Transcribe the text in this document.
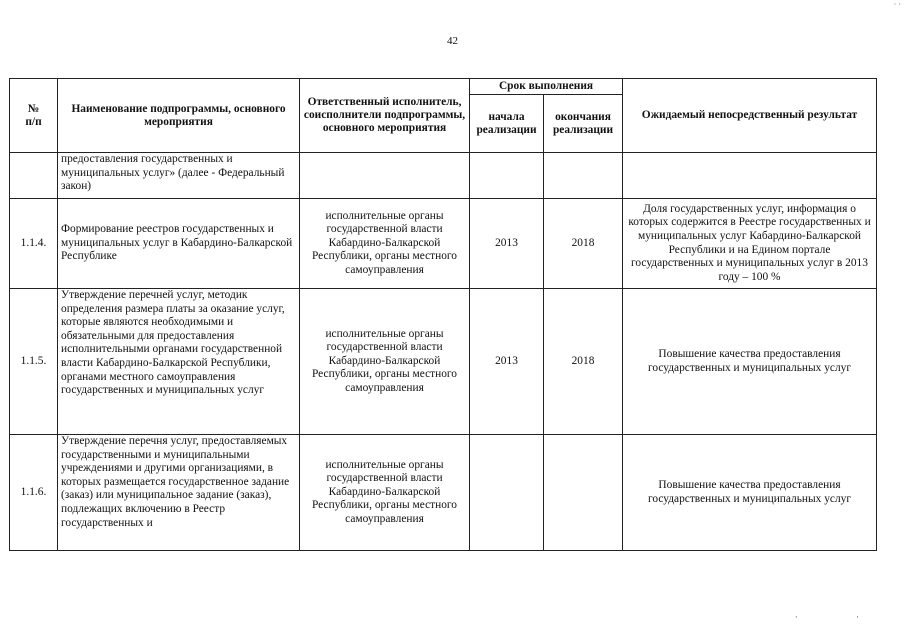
· ·
42
№
п/п	Наименование подпрограммы, основного мероприятия	Ответственный исполнитель, соисполнители подпрограммы, основного мероприятия	Срок выполнения		Ожидаемый непосредственный результат
			начала реализации	окончания реализации	
	предоставления государственных и муниципальных услуг» (далее - Федеральный закон)				
1.1.4.	Формирование реестров государственных и муниципальных услуг в Кабардино-Балкарской Республике	исполнительные органы государственной власти Кабардино-Балкарской Республики, органы местного самоуправления	2013	2018	Доля государственных услуг, информация о которых содержится в Реестре государственных и муниципальных услуг Кабардино-Балкарской Республики и на Едином портале государственных и муниципальных услуг в 2013 году – 100 %
1.1.5.	Утверждение перечней услуг, методик определения размера платы за оказание услуг, которые являются необходимыми и обязательными для предоставления исполнительными органами государственной власти Кабардино-Балкарской Республики, органами местного самоуправления государственных и муниципальных услуг	исполнительные органы государственной власти Кабардино-Балкарской Республики, органы местного самоуправления	2013	2018	Повышение качества предоставления государственных и муниципальных услуг
1.1.6.	Утверждение перечня услуг, предоставляемых государственными и муниципальными учреждениями и другими организациями, в которых размещается государственное задание (заказ) или муниципальное задание (заказ), подлежащих включению в Реестр государственных и	исполнительные органы государственной власти Кабардино-Балкарской Республики, органы местного самоуправления			Повышение качества предоставления государственных и муниципальных услуг
· ·
